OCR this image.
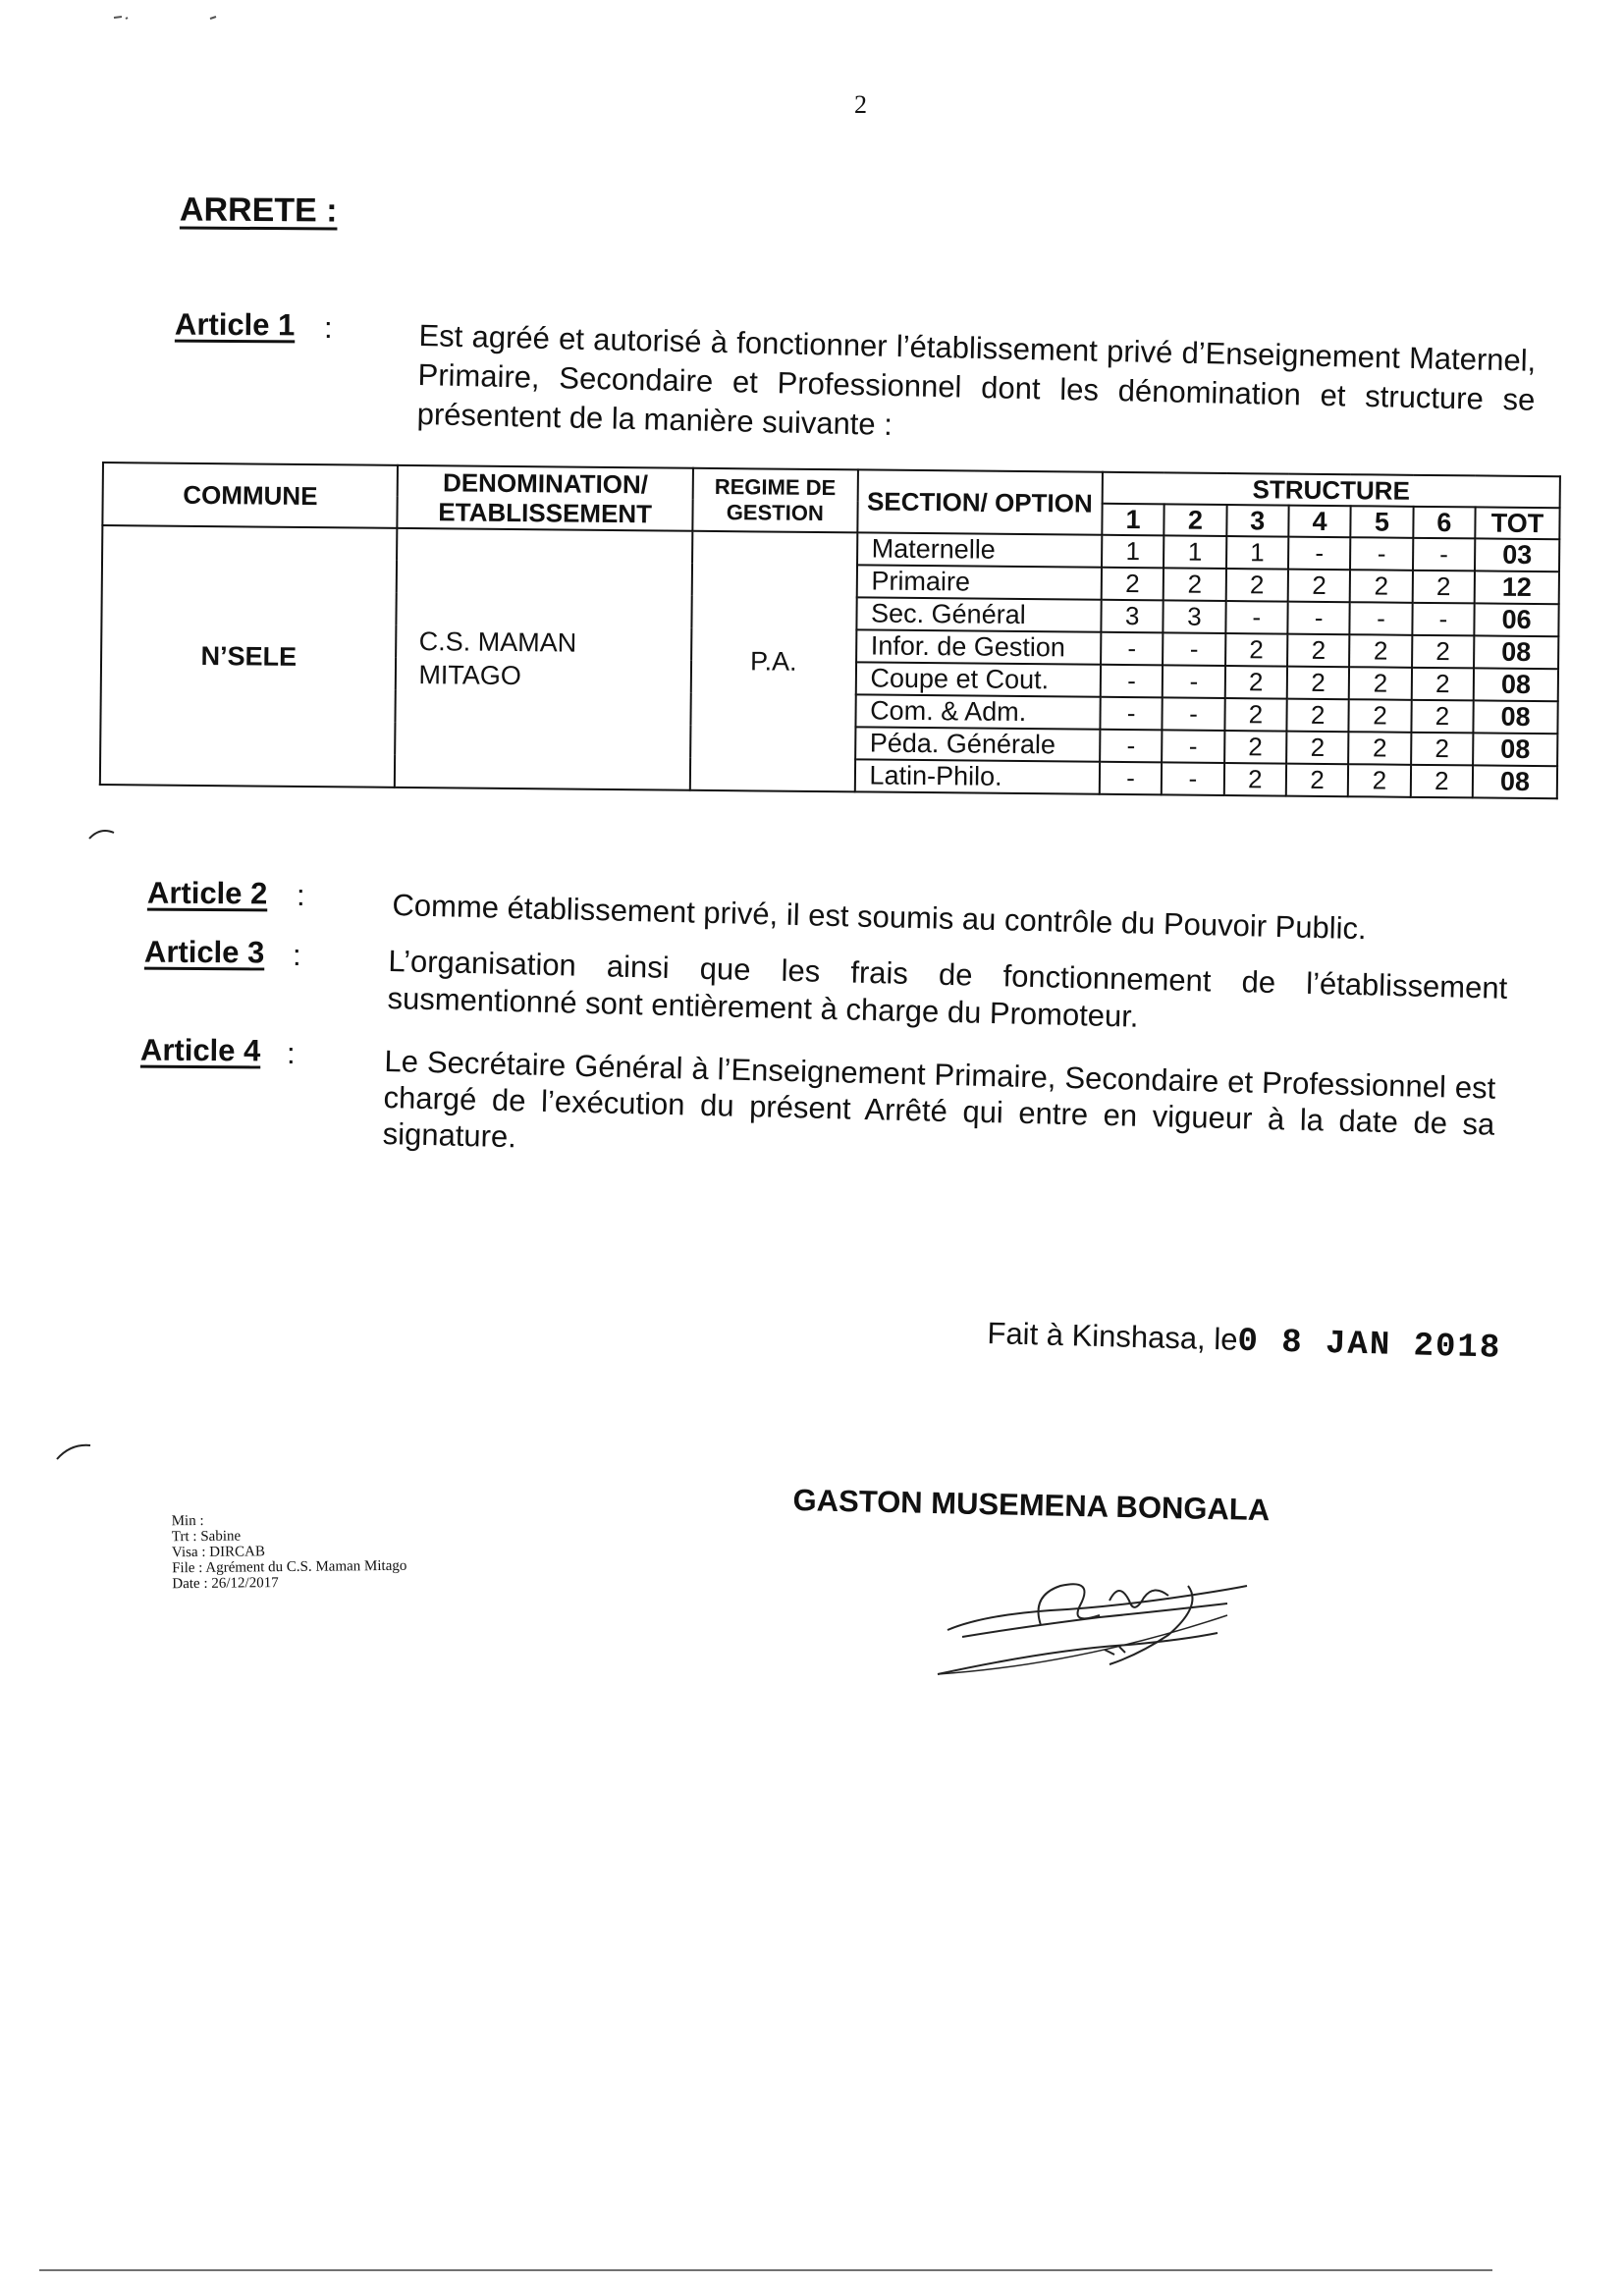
2
ARRETE :
Article 1 :	Est agréé et autorisé à fonctionner l’établissement privé d’Enseignement Maternel, Primaire, Secondaire et Professionnel dont les dénomination et structure se présentent de la manière suivante :
COMMUNE	DENOMINATION/ ETABLISSEMENT	REGIME DE GESTION	SECTION/ OPTION	STRUCTURE						
				1	2	3	4	5	6	TOT
N’SELE	C.S. MAMAN MITAGO	P.A.	Maternelle	1	1	1	-	-	-	03
			Primaire	2	2	2	2	2	2	12
			Sec. Général	3	3	-	-	-	-	06
			Infor. de Gestion	-	-	2	2	2	2	08
			Coupe et Cout.	-	-	2	2	2	2	08
			Com. & Adm.	-	-	2	2	2	2	08
			Péda. Générale	-	-	2	2	2	2	08
			Latin-Philo.	-	-	2	2	2	2	08
Article 2 :	Comme établissement privé, il est soumis au contrôle du Pouvoir Public.
Article 3 :	L’organisation ainsi que les frais de fonctionnement de l’établissement susmentionné sont entièrement à charge du Promoteur.
Article 4 :	Le Secrétaire Général à l’Enseignement Primaire, Secondaire et Professionnel est chargé de l’exécution du présent Arrêté qui entre en vigueur à la date de sa signature.
Fait à Kinshasa, le0 8 JAN 2018
GASTON MUSEMENA BONGALA
Min :
Trt : Sabine
Visa : DIRCAB
File : Agrément du C.S. Maman Mitago
Date : 26/12/2017
